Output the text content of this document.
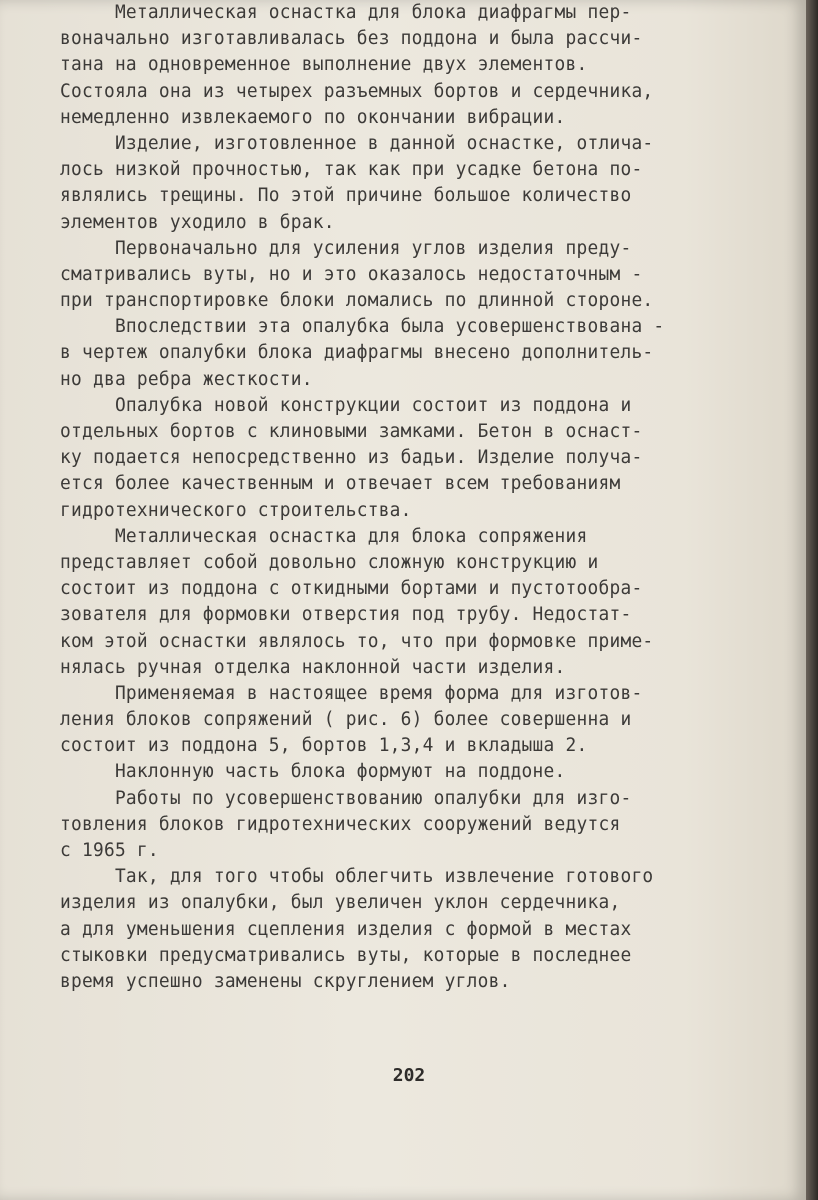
Металлическая оснастка для блока диафрагмы пер-
воначально изготавливалась без поддона и была рассчи-
тана на одновременное выполнение двух элементов.
Состояла она из четырех разъемных бортов и сердечника,
немедленно извлекаемого по окончании вибрации.
Изделие, изготовленное в данной оснастке, отлича-
лось низкой прочностью, так как при усадке бетона по-
являлись трещины. По этой причине большое количество
элементов уходило в брак.
Первоначально для усиления углов изделия преду-
сматривались вуты, но и это оказалось недостаточным -
при транспортировке блоки ломались по длинной стороне.
Впоследствии эта опалубка была усовершенствована -
в чертеж опалубки блока диафрагмы внесено дополнитель-
но два ребра жесткости.
Опалубка новой конструкции состоит из поддона и
отдельных бортов с клиновыми замками. Бетон в оснаст-
ку подается непосредственно из бадьи. Изделие получа-
ется более качественным и отвечает всем требованиям
гидротехнического строительства.
Металлическая оснастка для блока сопряжения
представляет собой довольно сложную конструкцию и
состоит из поддона с откидными бортами и пустотообра-
зователя для формовки отверстия под трубу. Недостат-
ком этой оснастки являлось то, что при формовке приме-
нялась ручная отделка наклонной части изделия.
Применяемая в настоящее время форма для изготов-
ления блоков сопряжений ( рис. 6) более совершенна и
состоит из поддона 5, бортов 1,3,4 и вкладыша 2.
Наклонную часть блока формуют на поддоне.
Работы по усовершенствованию опалубки для изго-
товления блоков гидротехнических сооружений ведутся
с 1965 г.
Так, для того чтобы облегчить извлечение готового
изделия из опалубки, был увеличен уклон сердечника,
а для уменьшения сцепления изделия с формой в местах
стыковки предусматривались вуты, которые в последнее
время успешно заменены скруглением углов.
202
